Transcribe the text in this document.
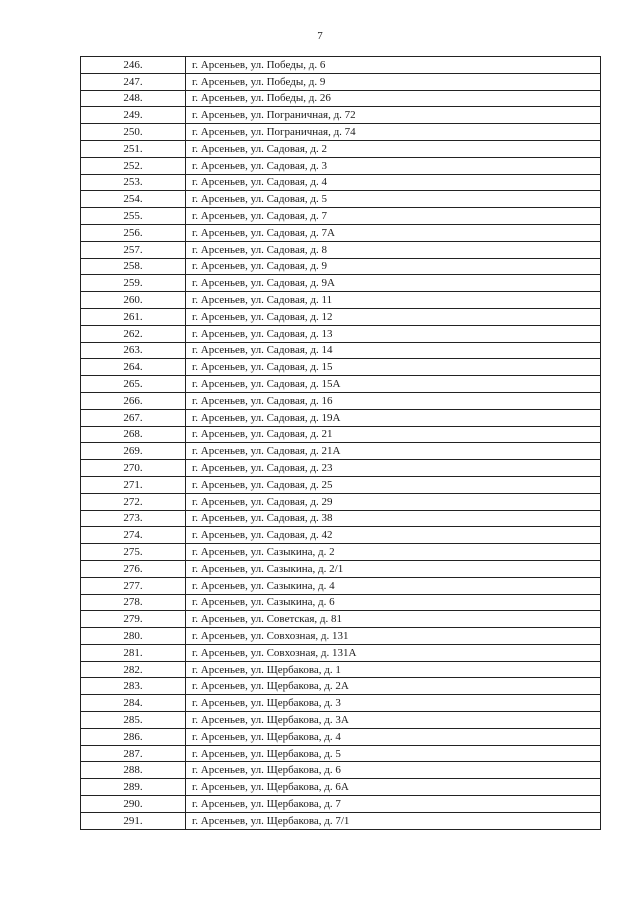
7
246.	г. Арсеньев, ул. Победы, д. 6
247.	г. Арсеньев, ул. Победы, д. 9
248.	г. Арсеньев, ул. Победы, д. 26
249.	г. Арсеньев, ул. Пограничная, д. 72
250.	г. Арсеньев, ул. Пограничная, д. 74
251.	г. Арсеньев, ул. Садовая, д. 2
252.	г. Арсеньев, ул. Садовая, д. 3
253.	г. Арсеньев, ул. Садовая, д. 4
254.	г. Арсеньев, ул. Садовая, д. 5
255.	г. Арсеньев, ул. Садовая, д. 7
256.	г. Арсеньев, ул. Садовая, д. 7А
257.	г. Арсеньев, ул. Садовая, д. 8
258.	г. Арсеньев, ул. Садовая, д. 9
259.	г. Арсеньев, ул. Садовая, д. 9А
260.	г. Арсеньев, ул. Садовая, д. 11
261.	г. Арсеньев, ул. Садовая, д. 12
262.	г. Арсеньев, ул. Садовая, д. 13
263.	г. Арсеньев, ул. Садовая, д. 14
264.	г. Арсеньев, ул. Садовая, д. 15
265.	г. Арсеньев, ул. Садовая, д. 15А
266.	г. Арсеньев, ул. Садовая, д. 16
267.	г. Арсеньев, ул. Садовая, д. 19А
268.	г. Арсеньев, ул. Садовая, д. 21
269.	г. Арсеньев, ул. Садовая, д. 21А
270.	г. Арсеньев, ул. Садовая, д. 23
271.	г. Арсеньев, ул. Садовая, д. 25
272.	г. Арсеньев, ул. Садовая, д. 29
273.	г. Арсеньев, ул. Садовая, д. 38
274.	г. Арсеньев, ул. Садовая, д. 42
275.	г. Арсеньев, ул. Сазыкина, д. 2
276.	г. Арсеньев, ул. Сазыкина, д. 2/1
277.	г. Арсеньев, ул. Сазыкина, д. 4
278.	г. Арсеньев, ул. Сазыкина, д. 6
279.	г. Арсеньев, ул. Советская, д. 81
280.	г. Арсеньев, ул. Совхозная, д. 131
281.	г. Арсеньев, ул. Совхозная, д. 131А
282.	г. Арсеньев, ул. Щербакова, д. 1
283.	г. Арсеньев, ул. Щербакова, д. 2А
284.	г. Арсеньев, ул. Щербакова, д. 3
285.	г. Арсеньев, ул. Щербакова, д. 3А
286.	г. Арсеньев, ул. Щербакова, д. 4
287.	г. Арсеньев, ул. Щербакова, д. 5
288.	г. Арсеньев, ул. Щербакова, д. 6
289.	г. Арсеньев, ул. Щербакова, д. 6А
290.	г. Арсеньев, ул. Щербакова, д. 7
291.	г. Арсеньев, ул. Щербакова, д. 7/1
